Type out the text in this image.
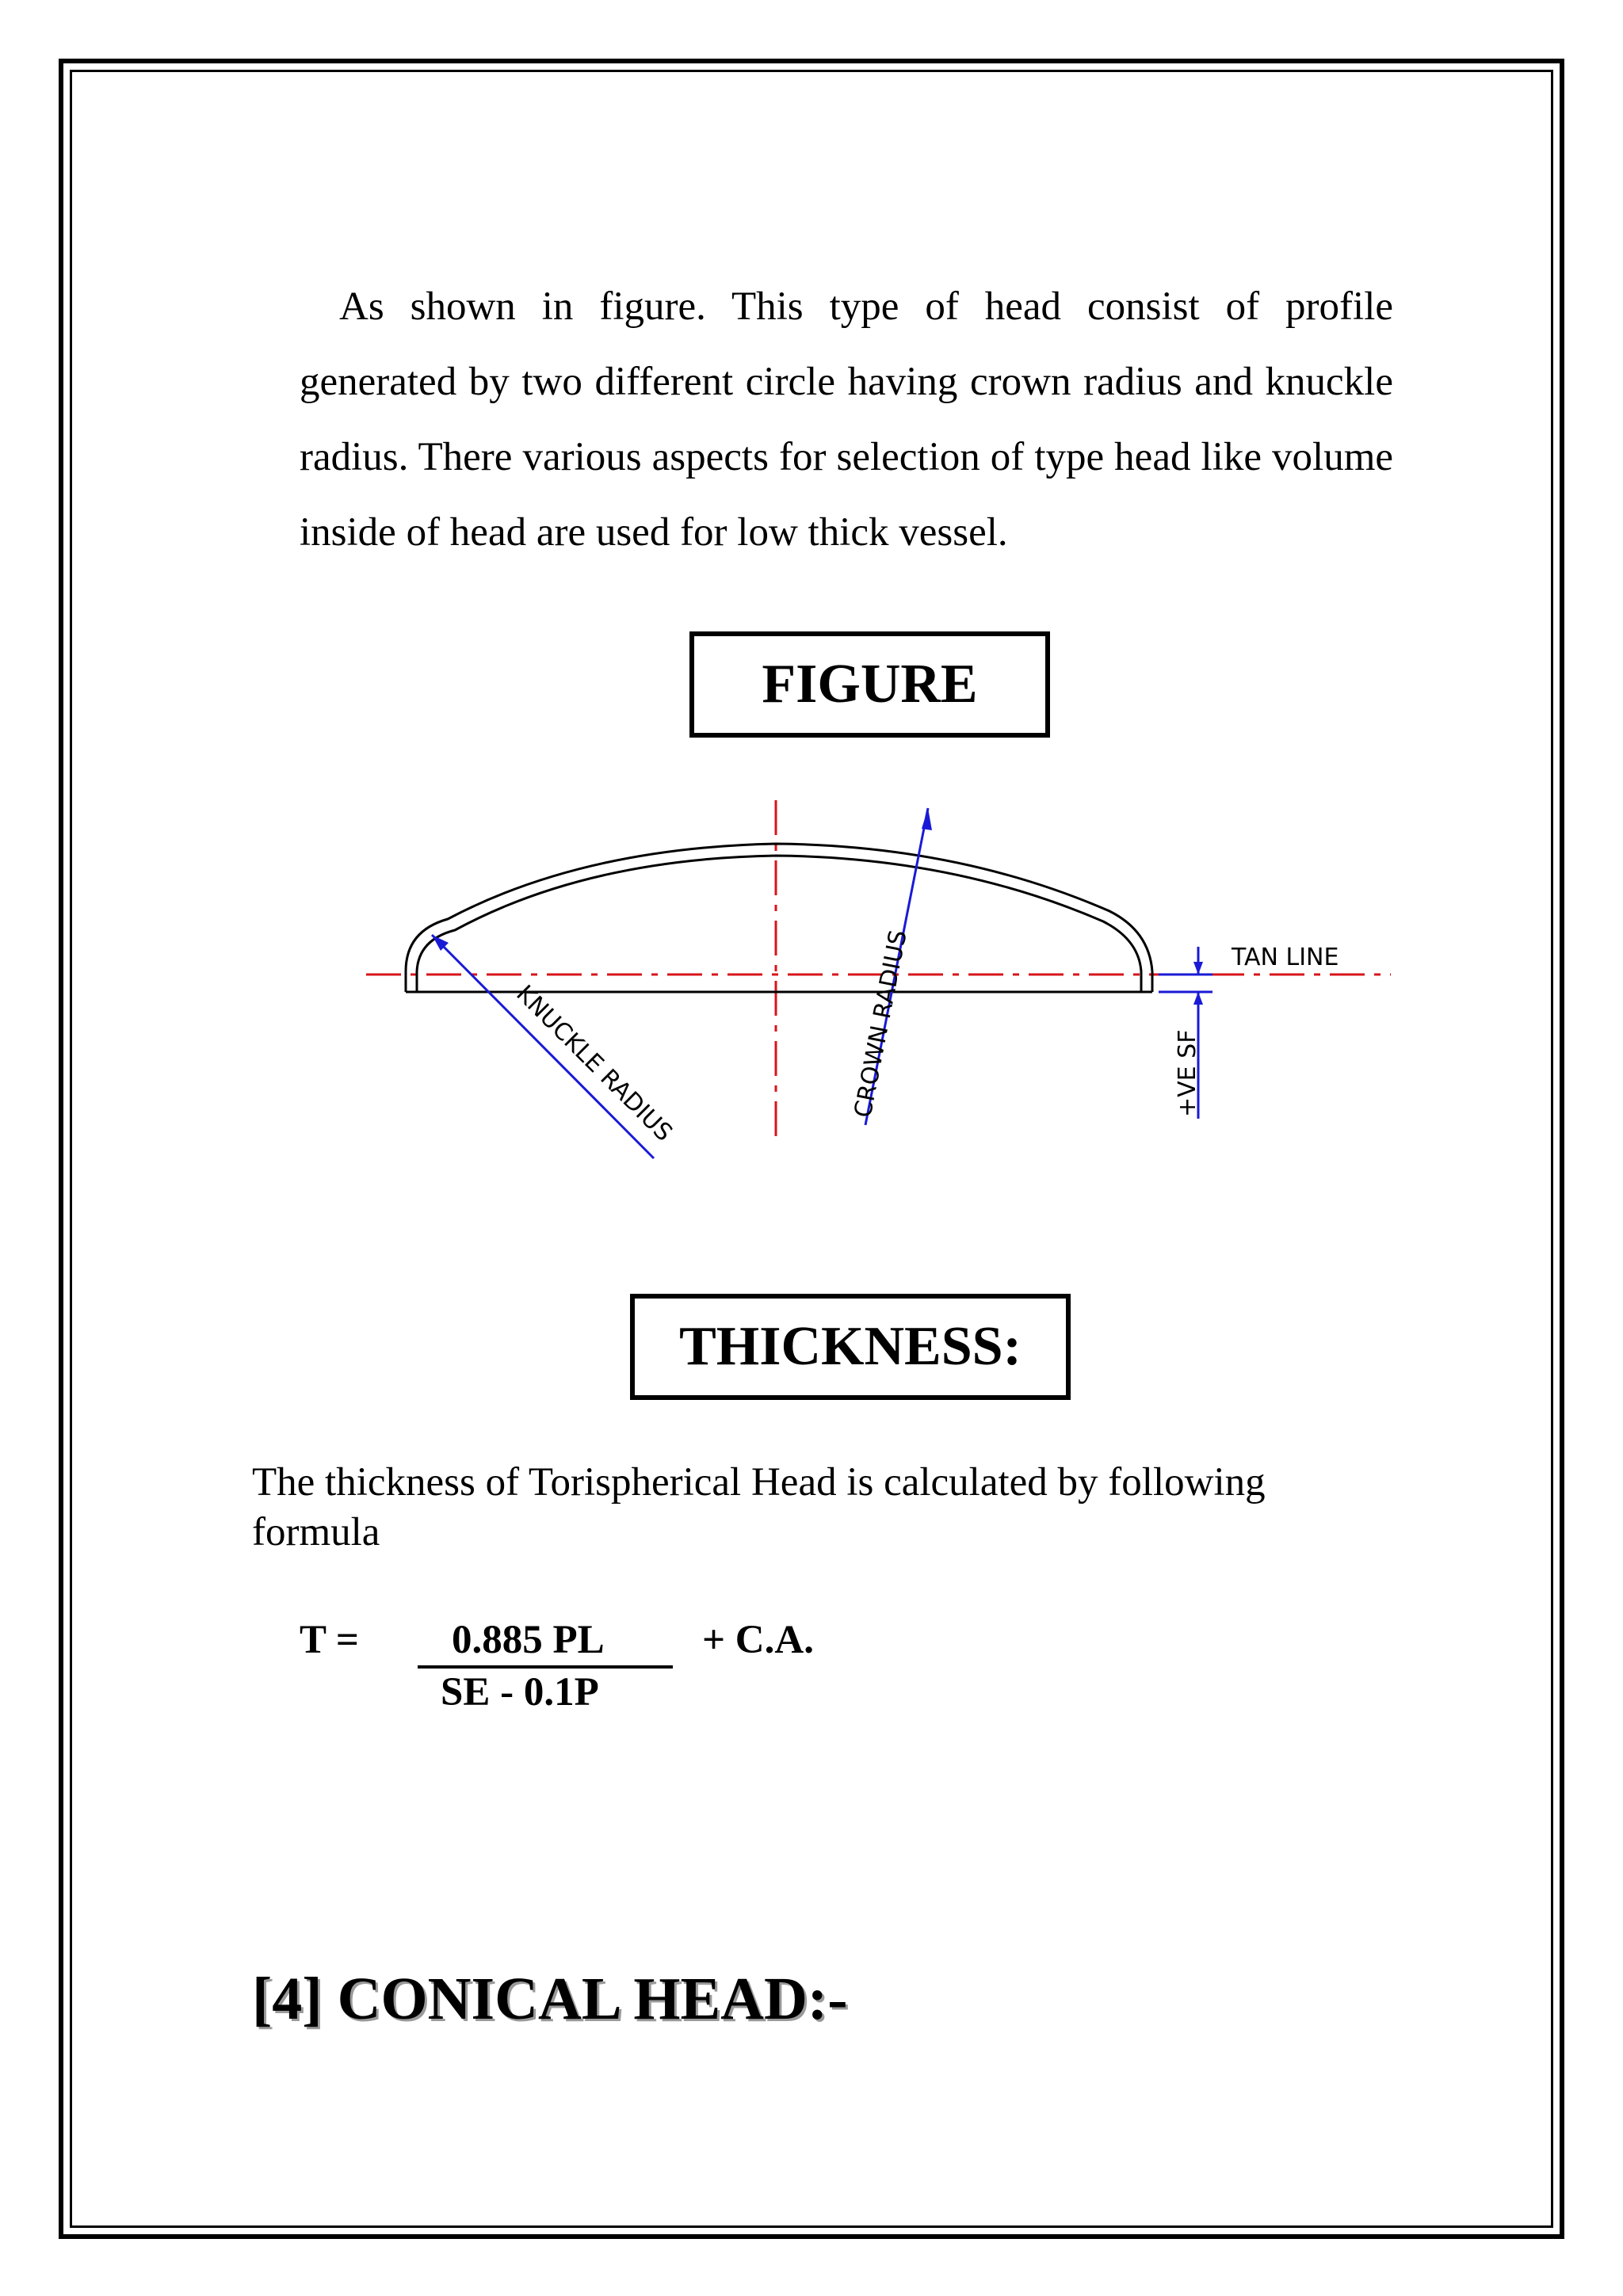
As shown in figure. This type of head consist of profile generated by two different circle having crown radius and knuckle radius. There various aspects for selection of type head like volume inside of head are used for low thick vessel.

FIGURE
KNUCKLE RADIUS	CROWN RADIUS	TAN LINE
+VE SF
THICKNESS:

The thickness of Torispherical Head is calculated by following formula

T = 0.885 PL
SE - 0.1P
+ C.A.
[4] CONICAL HEAD:-
